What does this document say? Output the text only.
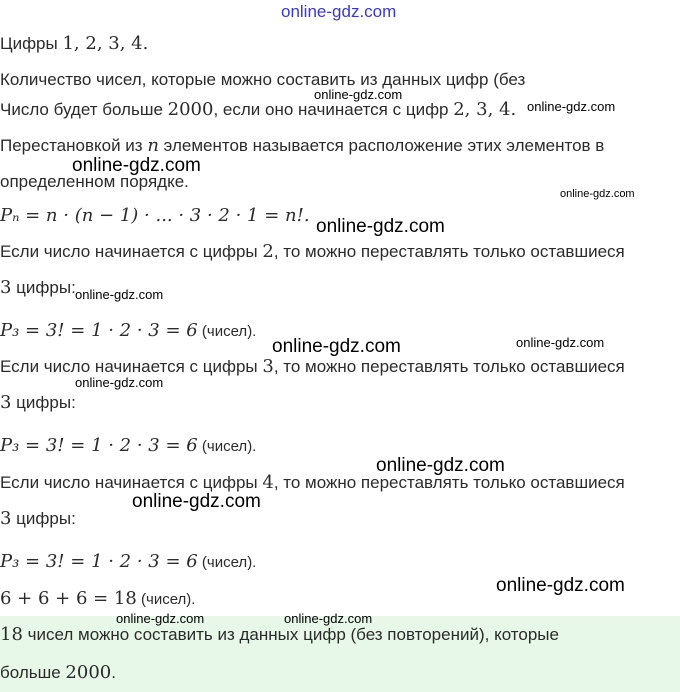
Цифры 1, 2, 3, 4.
Количество чисел, которые можно составить из данных цифр (без
Число будет больше 2000, если оно начинается с цифр 2, 3, 4.
Перестановкой из n элементов называется расположение этих элементов в
определенном порядке.
Pₙ = n · (n − 1) · ... · 3 · 2 · 1 = n!.
Если число начинается с цифры 2, то можно переставлять только оставшиеся
3 цифры:
P₃ = 3! = 1 · 2 · 3 = 6 (чисел).
Если число начинается с цифры 3, то можно переставлять только оставшиеся
3 цифры:
P₃ = 3! = 1 · 2 · 3 = 6 (чисел).
Если число начинается с цифры 4, то можно переставлять только оставшиеся
3 цифры:
P₃ = 3! = 1 · 2 · 3 = 6 (чисел).
6 + 6 + 6 = 18 (чисел).
18 чисел можно составить из данных цифр (без повторений), которые
больше 2000.
online-gdz.com
online-gdz.com
online-gdz.com
online-gdz.com
online-gdz.com
online-gdz.com
online-gdz.com
online-gdz.com	online-gdz.com
online-gdz.com
online-gdz.com
online-gdz.com
online-gdz.com
online-gdz.com	online-gdz.com
